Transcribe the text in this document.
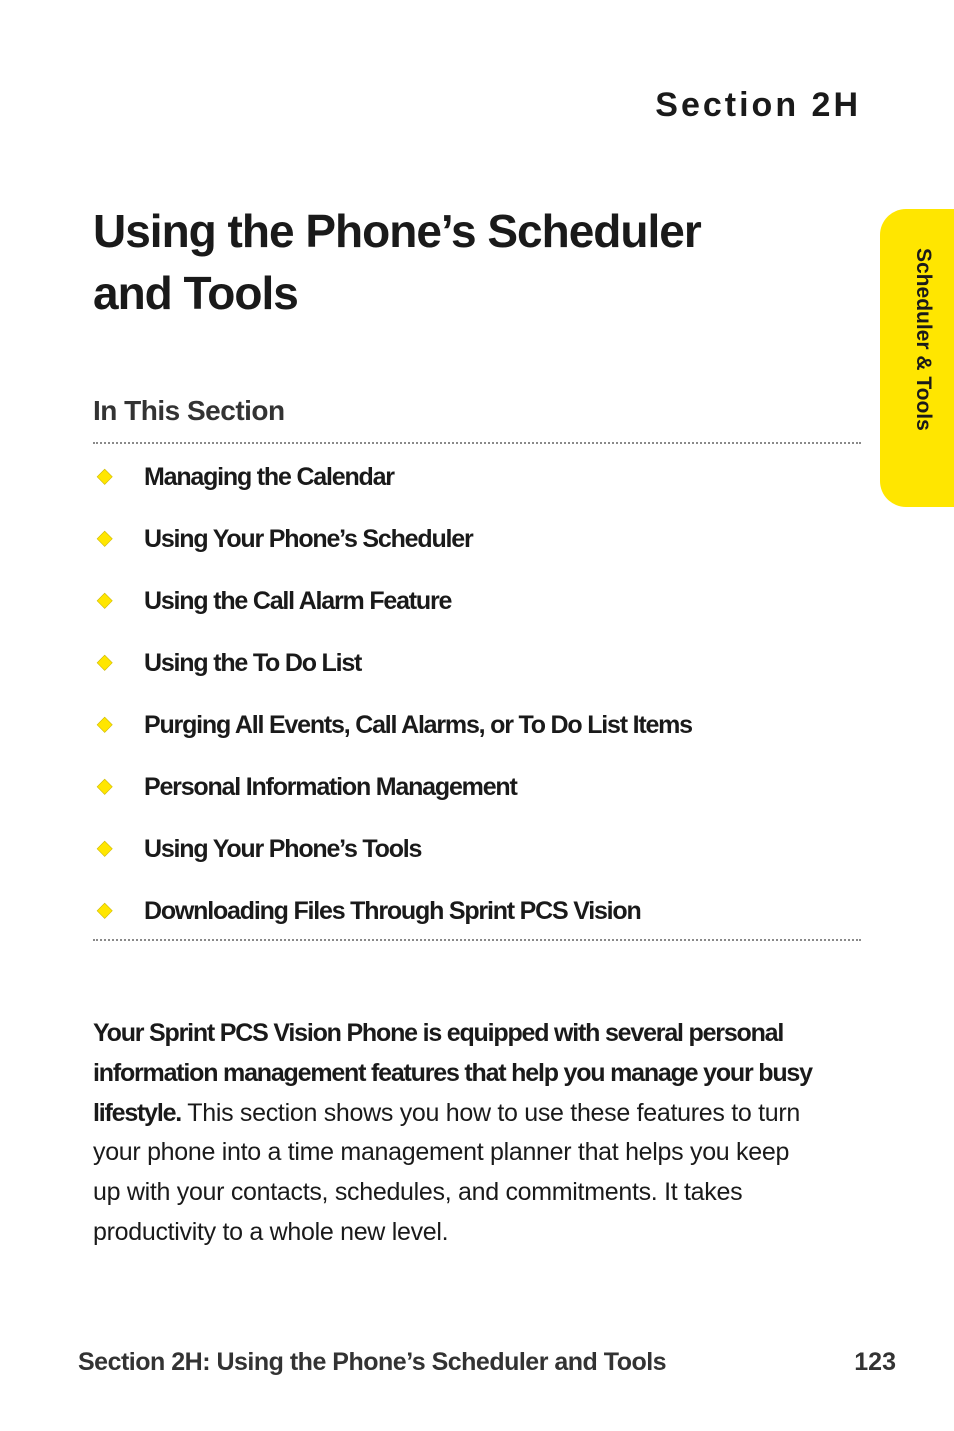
Section 2H
Using the Phone’s Scheduler
and Tools	Scheduler & Tools
In This Section
◆	Managing the Calendar
◆	Using Your Phone’s Scheduler
◆	Using the Call Alarm Feature
◆	Using the To Do List
◆	Purging All Events, Call Alarms, or To Do List Items
◆	Personal Information Management
◆	Using Your Phone’s Tools
◆	Downloading Files Through Sprint PCS Vision

Your Sprint PCS Vision Phone is equipped with several personal information management features that help you manage your busy lifestyle. This section shows you how to use these features to turn your phone into a time management planner that helps you keep up with your contacts, schedules, and commitments. It takes productivity to a whole new level.

Section 2H: Using the Phone’s Scheduler and Tools	123
